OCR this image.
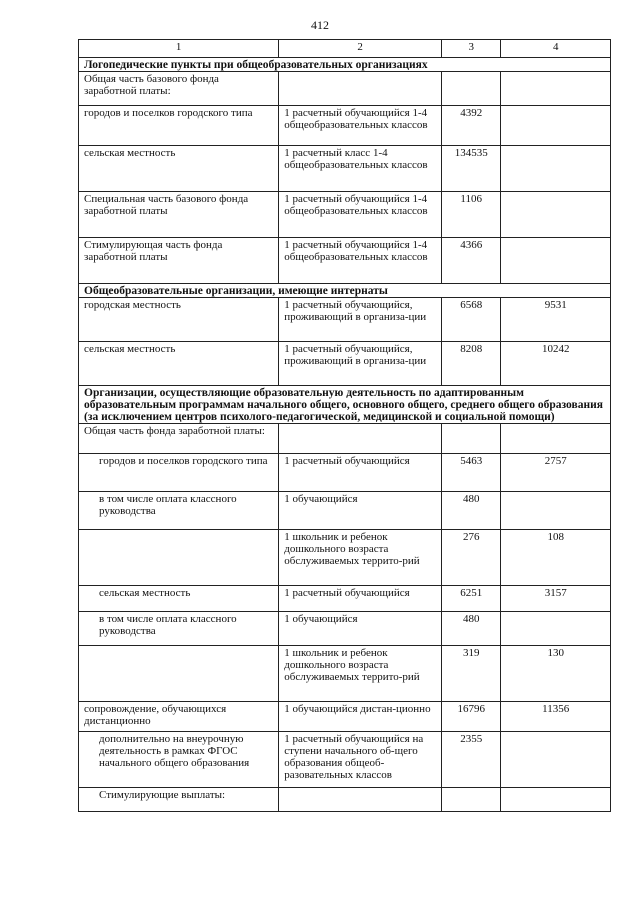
412
1	2	3	4
Логопедические пункты при общеобразовательных организациях			
Общая часть базового фонда заработной платы:			
городов и поселков городского типа	1 расчетный обучающийся 1-4 общеобразовательных классов	4392	
сельская местность	1 расчетный класс 1-4 общеобразовательных классов	134535	
Специальная часть базового фонда заработной платы	1 расчетный обучающийся 1-4 общеобразовательных классов	1106	
Стимулирующая часть фонда заработной платы	1 расчетный обучающийся 1-4 общеобразовательных классов	4366	
Общеобразовательные организации, имеющие интернаты			
городская местность	1 расчетный обучающийся, проживающий в организа-ции	6568	9531
сельская местность	1 расчетный обучающийся, проживающий в организа-ции	8208	10242
Организации, осуществляющие образовательную деятельность по адаптированным образовательным программам начального общего, основного общего, среднего общего образования (за исключением центров психолого-педагогической, медицинской и социальной помощи)			
Общая часть фонда заработной платы:			
городов и поселков городского типа	1 расчетный обучающийся	5463	2757
в том числе оплата классного руководства	1 обучающийся	480	
	1 школьник и ребенок дошкольного возраста обслуживаемых террито-рий	276	108
сельская местность	1 расчетный обучающийся	6251	3157
в том числе оплата классного руководства	1 обучающийся	480	
	1 школьник и ребенок дошкольного возраста обслуживаемых террито-рий	319	130
сопровождение, обучающихся дистанционно	1 обучающийся дистан-ционно	16796	11356
дополнительно на внеурочную деятельность в рамках ФГОС начального общего образования	1 расчетный обучающийся на ступени начального об-щего образования общеоб-разовательных классов	2355	
Стимулирующие выплаты:			
